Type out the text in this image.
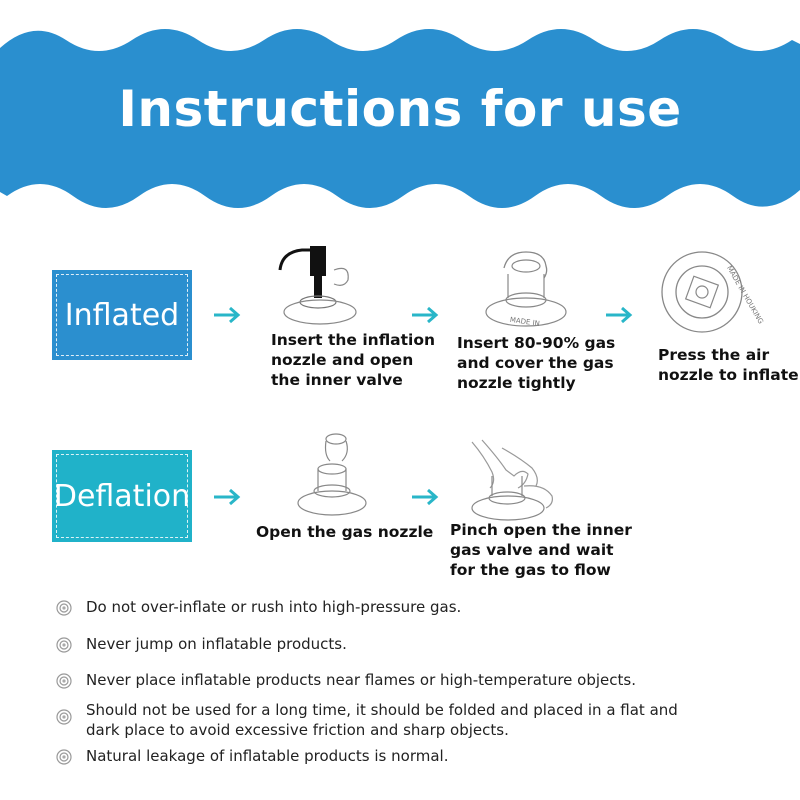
Instructions for use
Inflated
Insert the inflation
nozzle and open
the inner valve
MADE IN
Insert 80-90% gas
and cover the gas
nozzle tightly
MADE IN HOUKING
Press the air
nozzle to inflate
Deflation
Open the gas nozzle Pinch open the inner
gas valve and wait
for the gas to flow
Do not over-inflate or rush into high-pressure gas.
Never jump on inflatable products.
Never place inflatable products near flames or high-temperature objects.
Should not be used for a long time, it should be folded and placed in a flat and dark place to avoid excessive friction and sharp objects.
Natural leakage of inflatable products is normal.
